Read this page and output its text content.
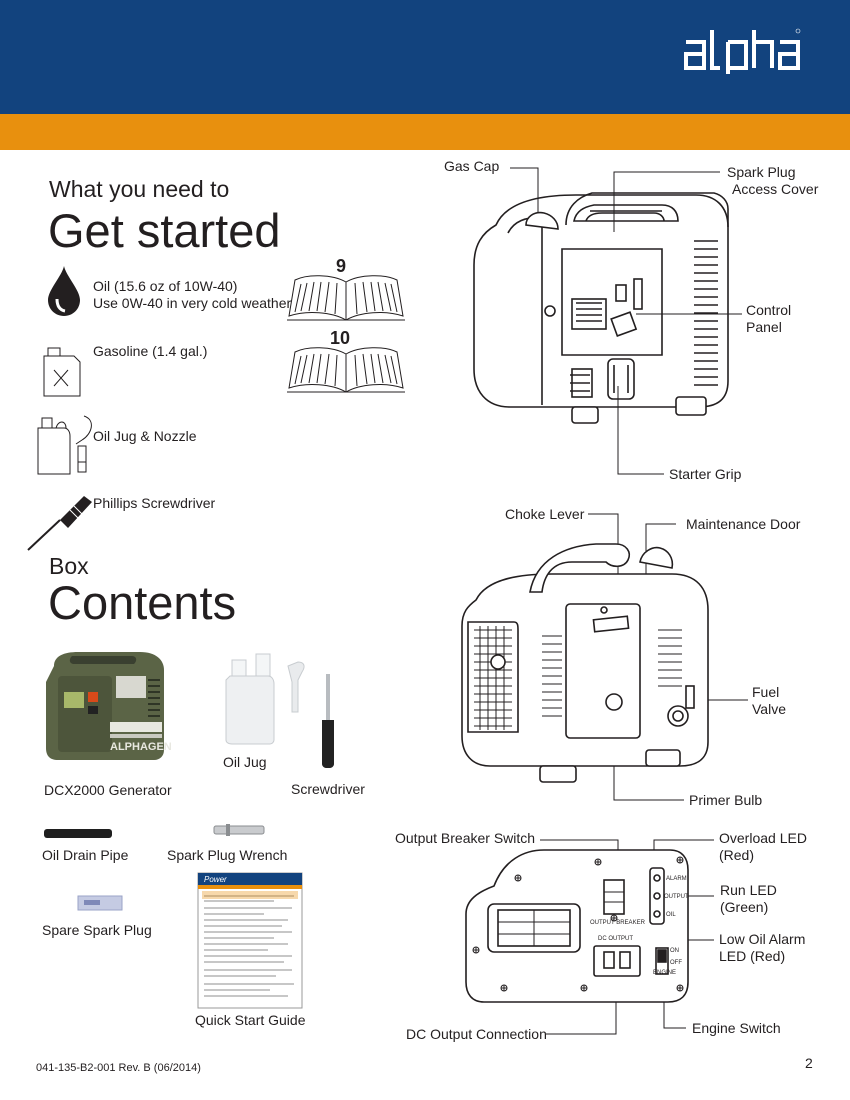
What you need to
Get started
Oil (15.6 oz of 10W-40)
Use 0W-40 in very cold weather
9
10
Gasoline (1.4 gal.)
Oil Jug & Nozzle
Phillips Screwdriver
Box
Contents
ALPHAGEN
DCX2000 Generator
Oil Jug
Screwdriver
Oil Drain Pipe	Spark Plug Wrench
Spare Spark Plug
Power
Quick Start Guide
Gas Cap	Spark Plug
Access Cover
Control
Panel
Starter Grip
Choke Lever
Maintenance Door
Fuel
Valve
Primer Bulb
ALARM
OUTPUT
OIL
OUTPUT BREAKER
DC OUTPUT
ON
OFF
ENGINE
Output Breaker Switch	Overload LED
(Red)
Run LED
(Green)
Low Oil Alarm
LED (Red)
DC Output Connection	Engine Switch
041-135-B2-001 Rev. B (06/2014)	2
